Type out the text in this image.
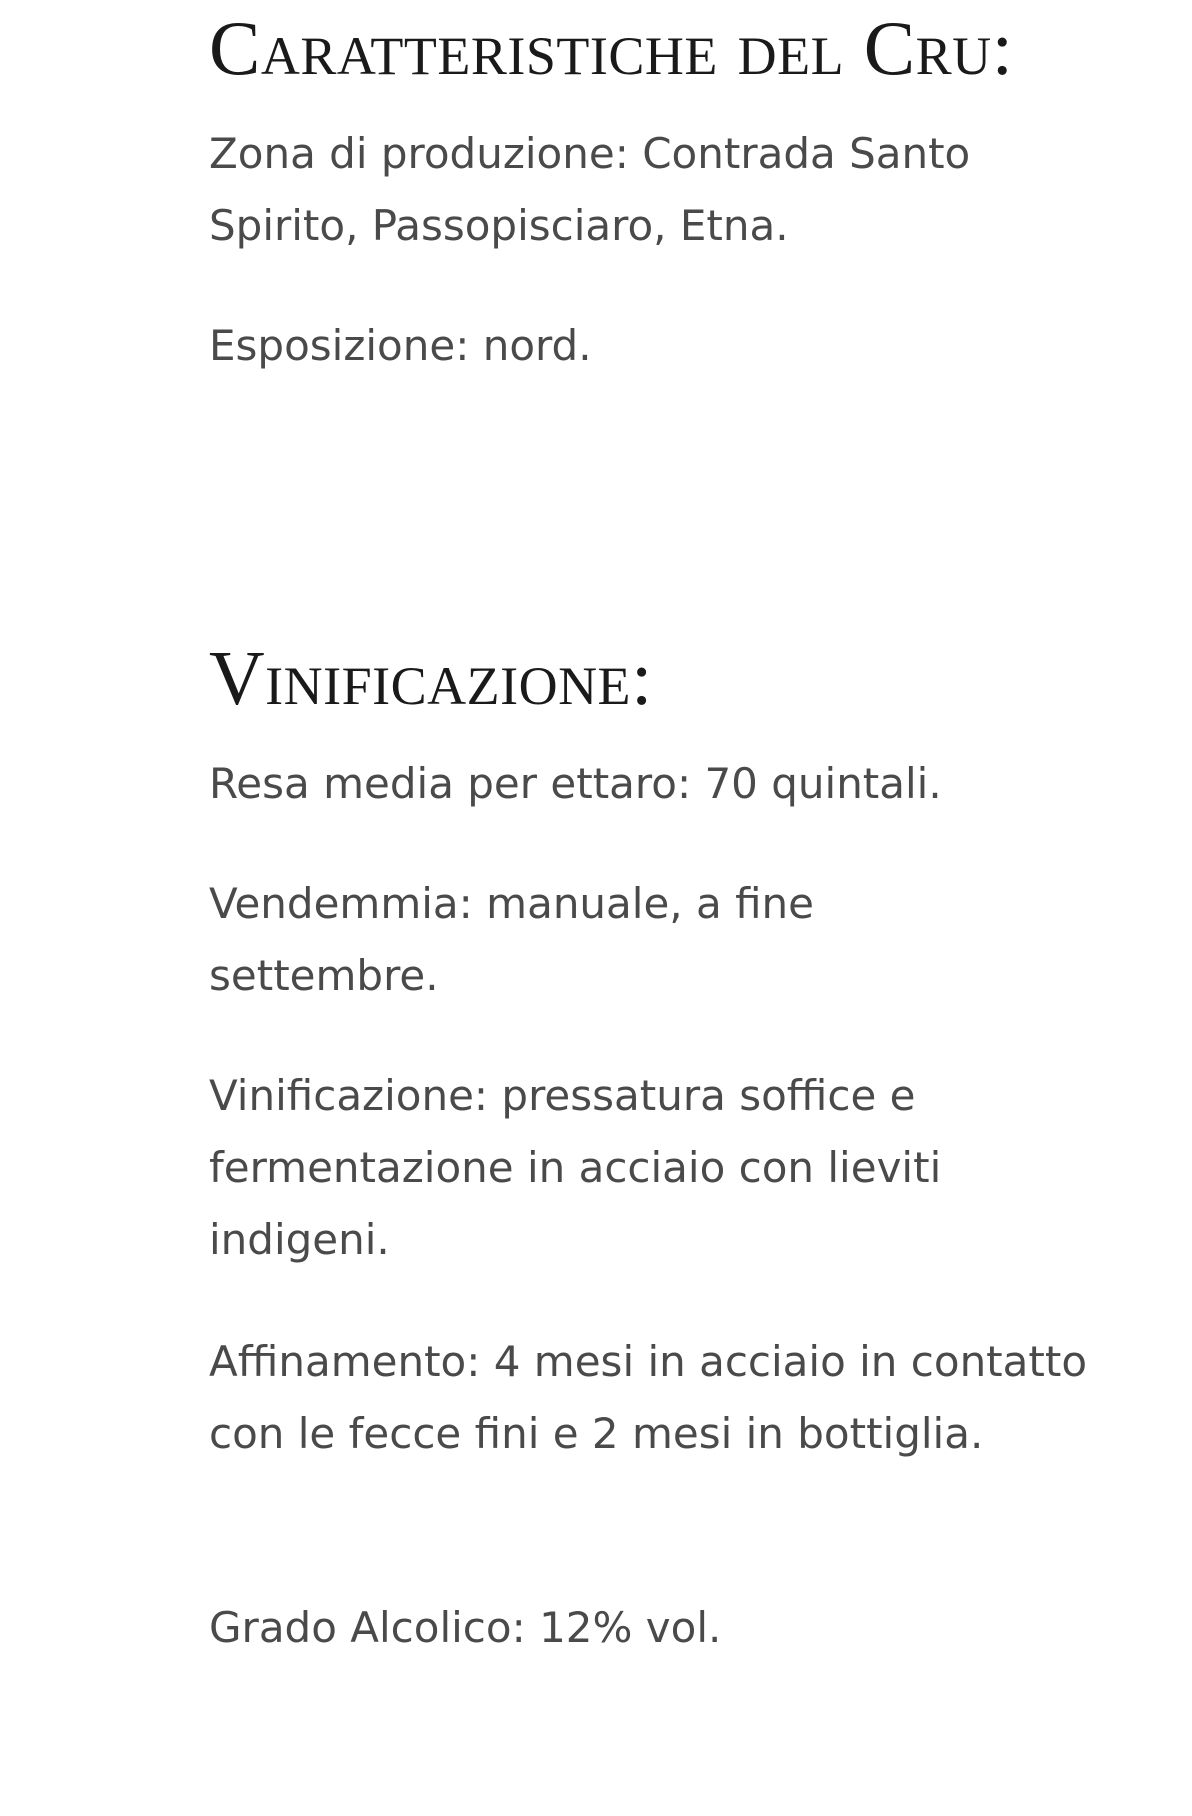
Caratteristiche del Cru:

Zona di produzione: Contrada Santo Spirito, Passopisciaro, Etna.

Esposizione: nord.

Vinificazione:

Resa media per ettaro: 70 quintali.

Vendemmia: manuale, a fine settembre.

Vinificazione: pressatura soffice e fermentazione in acciaio con lieviti indigeni.

Affinamento: 4 mesi in acciaio in contatto con le fecce fini e 2 mesi in bottiglia.

Grado Alcolico: 12% vol.
